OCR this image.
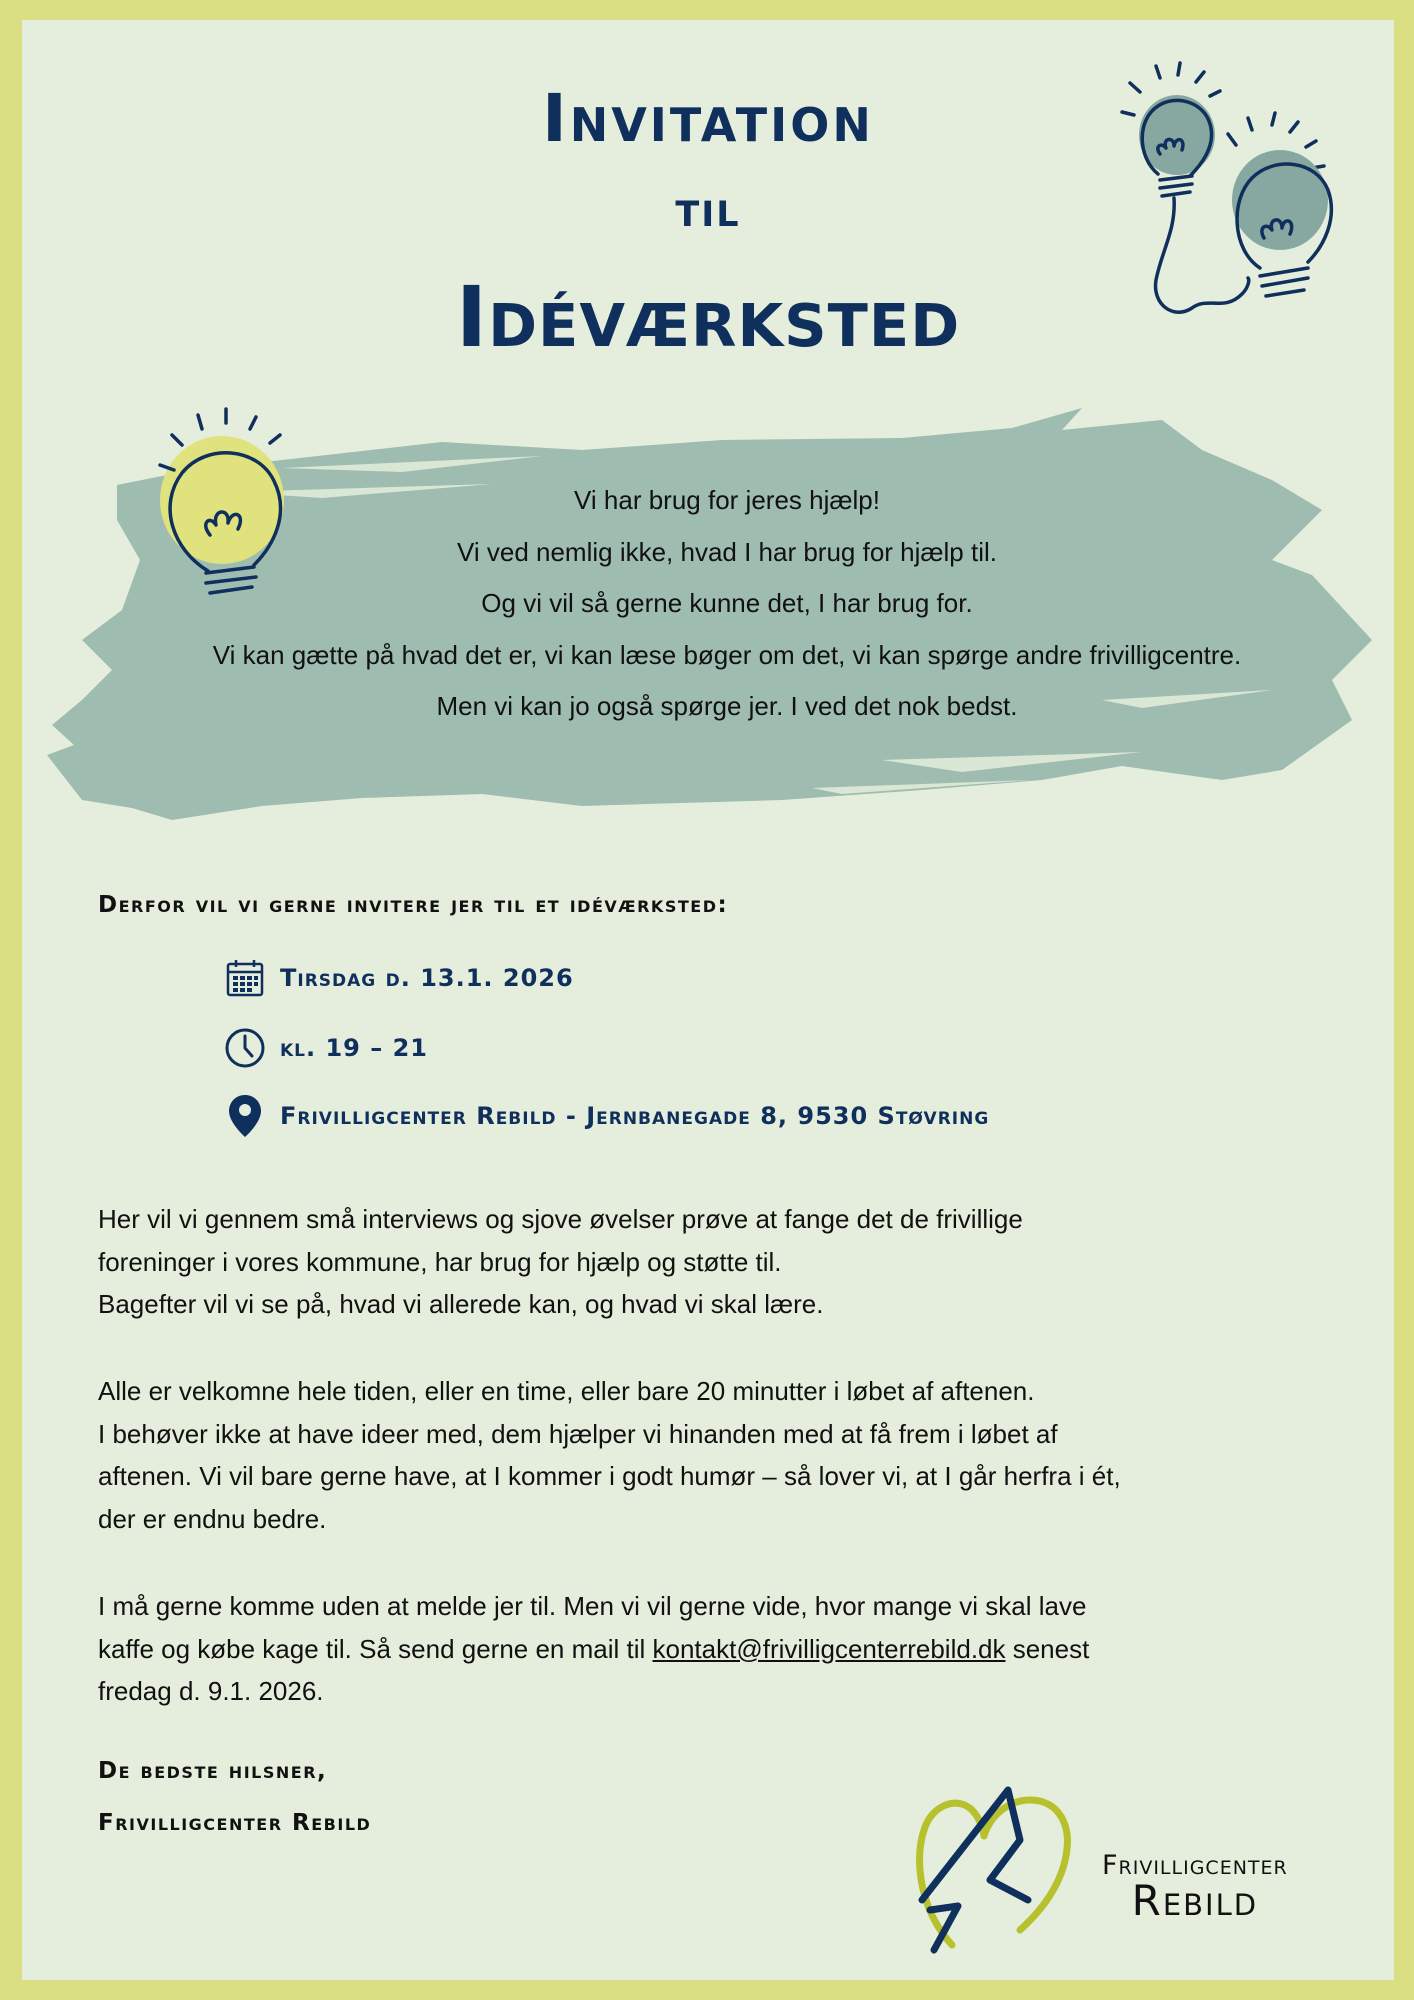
Invitation
til
Idéværksted
Vi har brug for jeres hjælp!
Vi ved nemlig ikke, hvad I har brug for hjælp til.
Og vi vil så gerne kunne det, I har brug for.
Vi kan gætte på hvad det er, vi kan læse bøger om det, vi kan spørge andre frivilligcentre.
Men vi kan jo også spørge jer. I ved det nok bedst.
Derfor vil vi gerne invitere jer til et idéværksted:
Tirsdag d. 13.1. 2026
kl. 19 – 21
Frivilligcenter Rebild - Jernbanegade 8, 9530 Støvring
Her vil vi gennem små interviews og sjove øvelser prøve at fange det de frivillige
foreninger i vores kommune, har brug for hjælp og støtte til.
Bagefter vil vi se på, hvad vi allerede kan, og hvad vi skal lære.
Alle er velkomne hele tiden, eller en time, eller bare 20 minutter i løbet af aftenen.
I behøver ikke at have ideer med, dem hjælper vi hinanden med at få frem i løbet af
aftenen. Vi vil bare gerne have, at I kommer i godt humør – så lover vi, at I går herfra i ét,
der er endnu bedre.
I må gerne komme uden at melde jer til. Men vi vil gerne vide, hvor mange vi skal lave
kaffe og købe kage til. Så send gerne en mail til kontakt@frivilligcenterrebild.dk senest
fredag d. 9.1. 2026.

De bedste hilsner,

Frivilligcenter Rebild

Frivilligcenter
Rebild
